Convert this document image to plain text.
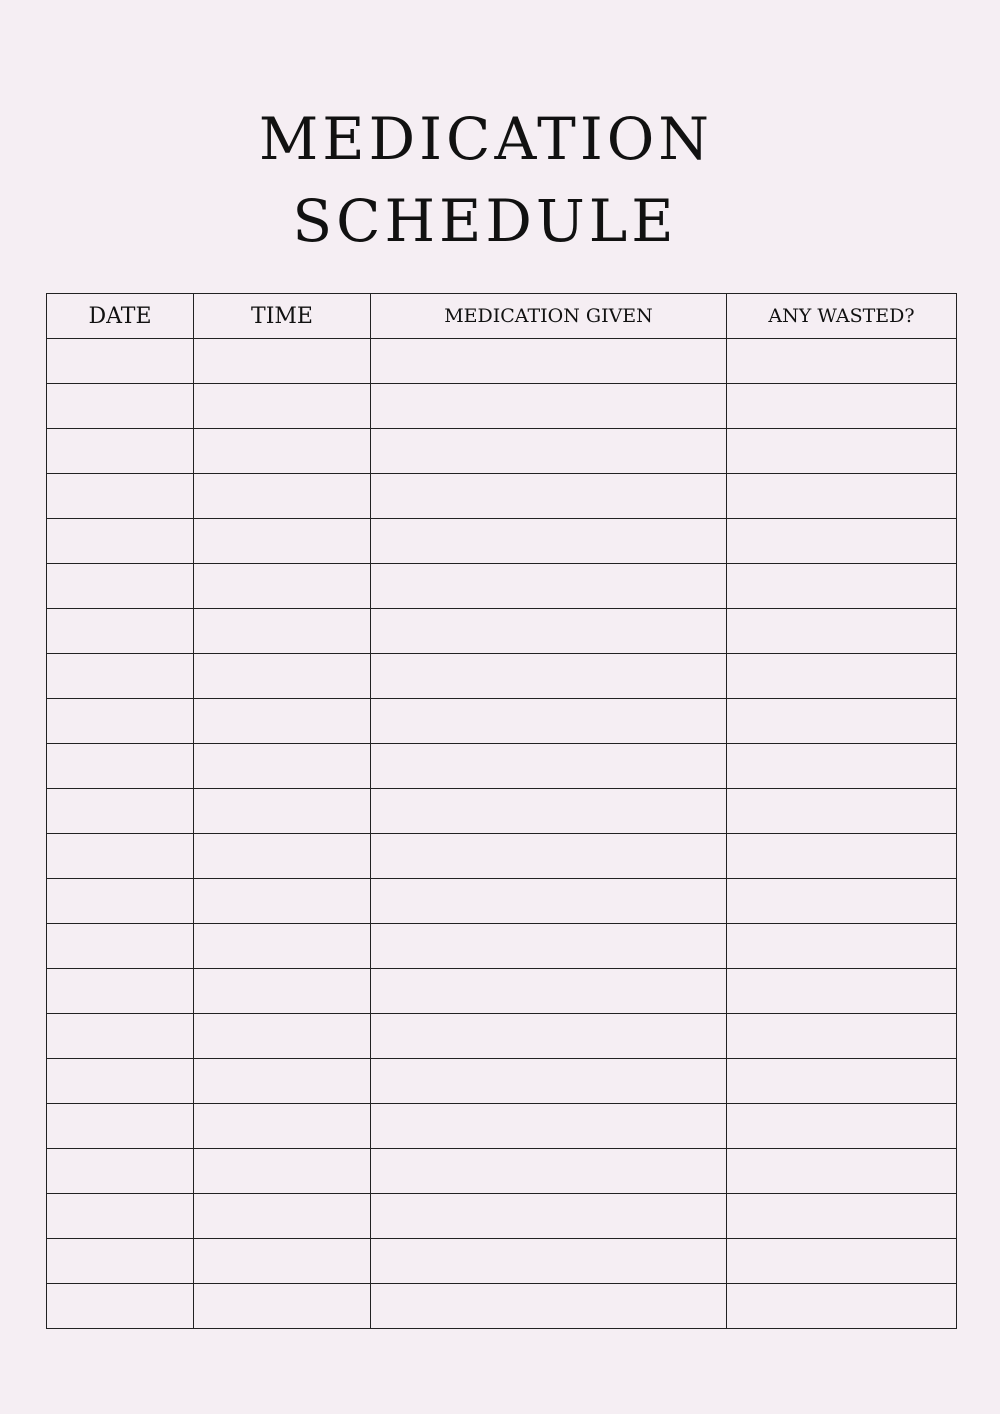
MEDICATION
SCHEDULE
DATE	TIME	MEDICATION GIVEN	ANY WASTED?
